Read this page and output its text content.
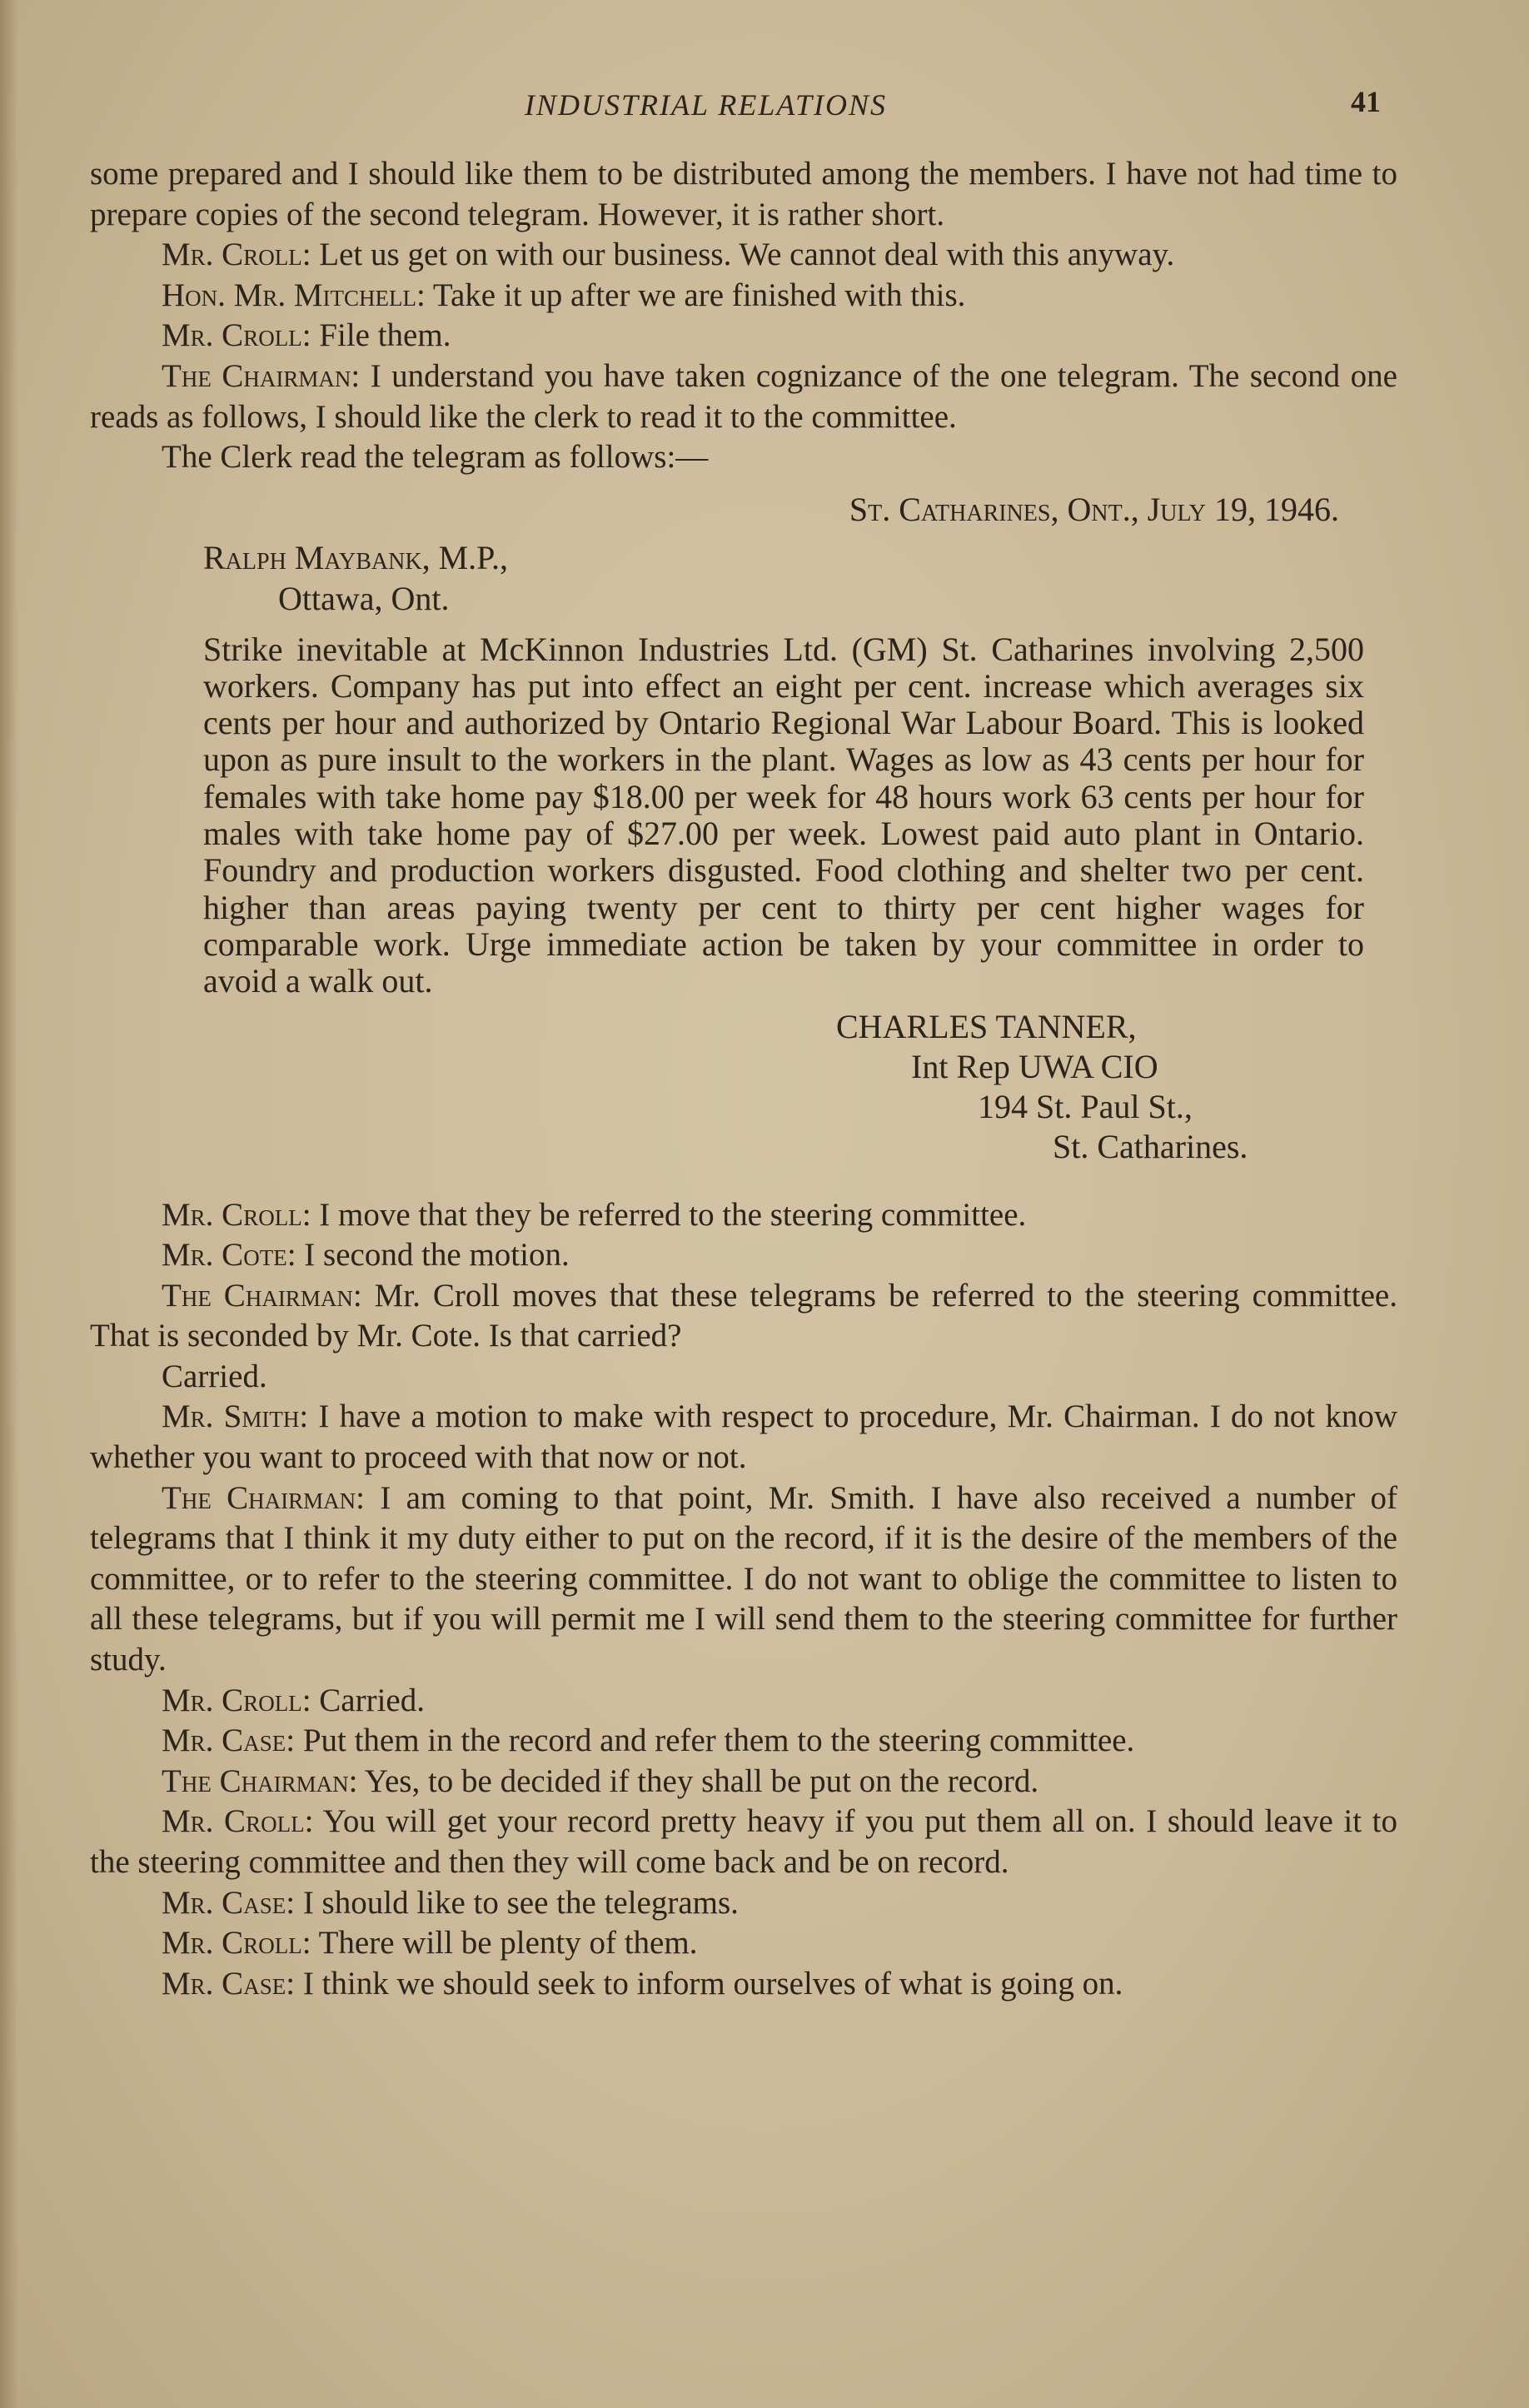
INDUSTRIAL RELATIONS	41

some prepared and I should like them to be distributed among the members. I have not had time to prepare copies of the second telegram. However, it is rather short.

Mr. Croll: Let us get on with our business. We cannot deal with this anyway.

Hon. Mr. Mitchell: Take it up after we are finished with this.

Mr. Croll: File them.

The Chairman: I understand you have taken cognizance of the one telegram. The second one reads as follows, I should like the clerk to read it to the committee.

The Clerk read the telegram as follows:—

St. Catharines, Ont., July 19, 1946.
Ralph Maybank, M.P.,
Ottawa, Ont.
Strike inevitable at McKinnon Industries Ltd. (GM) St. Catharines involving 2,500 workers. Company has put into effect an eight per cent. increase which averages six cents per hour and authorized by Ontario Regional War Labour Board. This is looked upon as pure insult to the workers in the plant. Wages as low as 43 cents per hour for females with take home pay $18.00 per week for 48 hours work 63 cents per hour for males with take home pay of $27.00 per week. Lowest paid auto plant in Ontario. Foundry and production workers disgusted. Food clothing and shelter two per cent. higher than areas paying twenty per cent to thirty per cent higher wages for comparable work. Urge immediate action be taken by your committee in order to avoid a walk out.
CHARLES TANNER,
Int Rep UWA CIO
194 St. Paul St.,
St. Catharines.

Mr. Croll: I move that they be referred to the steering committee.

Mr. Cote: I second the motion.

The Chairman: Mr. Croll moves that these telegrams be referred to the steering committee. That is seconded by Mr. Cote. Is that carried?

Carried.

Mr. Smith: I have a motion to make with respect to procedure, Mr. Chairman. I do not know whether you want to proceed with that now or not.

The Chairman: I am coming to that point, Mr. Smith. I have also received a number of telegrams that I think it my duty either to put on the record, if it is the desire of the members of the committee, or to refer to the steering committee. I do not want to oblige the committee to listen to all these telegrams, but if you will permit me I will send them to the steering committee for further study.

Mr. Croll: Carried.

Mr. Case: Put them in the record and refer them to the steering committee.

The Chairman: Yes, to be decided if they shall be put on the record.

Mr. Croll: You will get your record pretty heavy if you put them all on. I should leave it to the steering committee and then they will come back and be on record.

Mr. Case: I should like to see the telegrams.

Mr. Croll: There will be plenty of them.

Mr. Case: I think we should seek to inform ourselves of what is going on.
